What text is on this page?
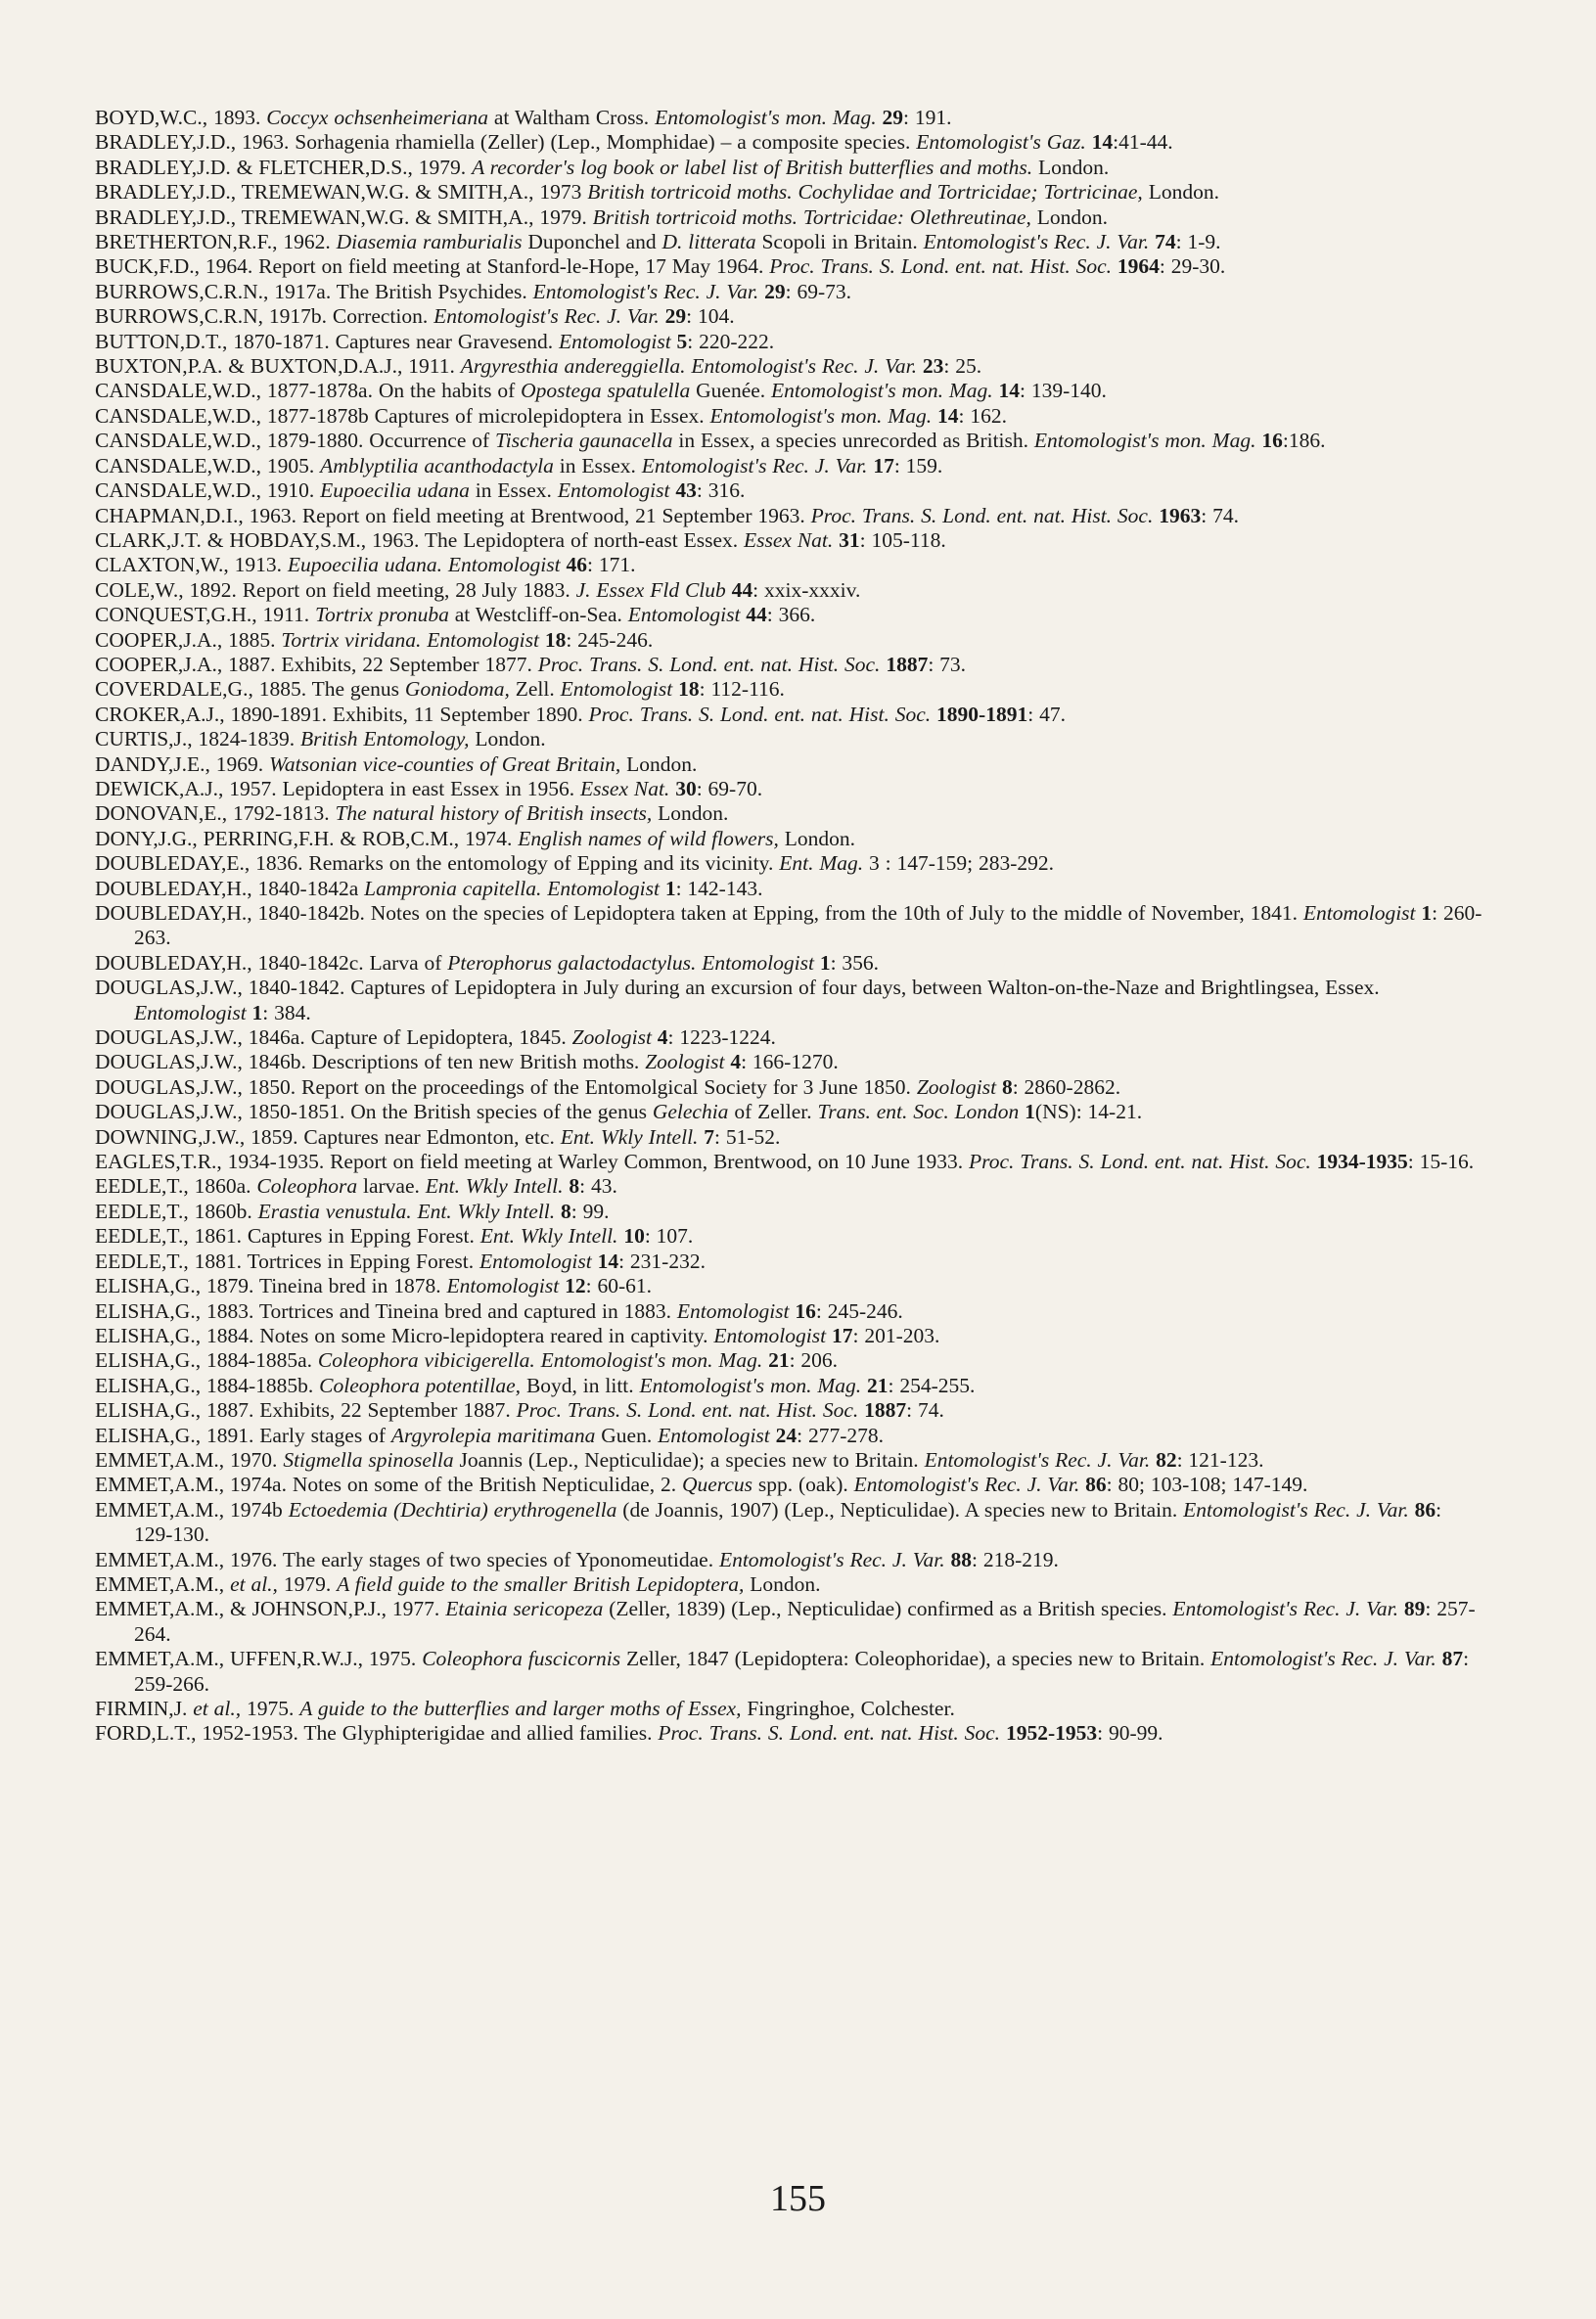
BOYD,W.C., 1893. Coccyx ochsenheimeriana at Waltham Cross. Entomologist's mon. Mag. 29: 191.

BRADLEY,J.D., 1963. Sorhagenia rhamiella (Zeller) (Lep., Momphidae) – a composite species. Entomologist's Gaz. 14:41-44.

BRADLEY,J.D. & FLETCHER,D.S., 1979. A recorder's log book or label list of British butterflies and moths. London.

BRADLEY,J.D., TREMEWAN,W.G. & SMITH,A., 1973 British tortricoid moths. Cochylidae and Tortricidae; Tortricinae, London.

BRADLEY,J.D., TREMEWAN,W.G. & SMITH,A., 1979. British tortricoid moths. Tortricidae: Olethreutinae, London.

BRETHERTON,R.F., 1962. Diasemia ramburialis Duponchel and D. litterata Scopoli in Britain. Entomologist's Rec. J. Var. 74: 1-9.

BUCK,F.D., 1964. Report on field meeting at Stanford-le-Hope, 17 May 1964. Proc. Trans. S. Lond. ent. nat. Hist. Soc. 1964: 29-30.

BURROWS,C.R.N., 1917a. The British Psychides. Entomologist's Rec. J. Var. 29: 69-73.

BURROWS,C.R.N, 1917b. Correction. Entomologist's Rec. J. Var. 29: 104.

BUTTON,D.T., 1870-1871. Captures near Gravesend. Entomologist 5: 220-222.

BUXTON,P.A. & BUXTON,D.A.J., 1911. Argyresthia andereggiella. Entomologist's Rec. J. Var. 23: 25.

CANSDALE,W.D., 1877-1878a. On the habits of Opostega spatulella Guenée. Entomologist's mon. Mag. 14: 139-140.

CANSDALE,W.D., 1877-1878b Captures of microlepidoptera in Essex. Entomologist's mon. Mag. 14: 162.

CANSDALE,W.D., 1879-1880. Occurrence of Tischeria gaunacella in Essex, a species unrecorded as British. Entomologist's mon. Mag. 16:186.

CANSDALE,W.D., 1905. Amblyptilia acanthodactyla in Essex. Entomologist's Rec. J. Var. 17: 159.

CANSDALE,W.D., 1910. Eupoecilia udana in Essex. Entomologist 43: 316.

CHAPMAN,D.I., 1963. Report on field meeting at Brentwood, 21 September 1963. Proc. Trans. S. Lond. ent. nat. Hist. Soc. 1963: 74.

CLARK,J.T. & HOBDAY,S.M., 1963. The Lepidoptera of north-east Essex. Essex Nat. 31: 105-118.

CLAXTON,W., 1913. Eupoecilia udana. Entomologist 46: 171.

COLE,W., 1892. Report on field meeting, 28 July 1883. J. Essex Fld Club 44: xxix-xxxiv.

CONQUEST,G.H., 1911. Tortrix pronuba at Westcliff-on-Sea. Entomologist 44: 366.

COOPER,J.A., 1885. Tortrix viridana. Entomologist 18: 245-246.

COOPER,J.A., 1887. Exhibits, 22 September 1877. Proc. Trans. S. Lond. ent. nat. Hist. Soc. 1887: 73.

COVERDALE,G., 1885. The genus Goniodoma, Zell. Entomologist 18: 112-116.

CROKER,A.J., 1890-1891. Exhibits, 11 September 1890. Proc. Trans. S. Lond. ent. nat. Hist. Soc. 1890-1891: 47.

CURTIS,J., 1824-1839. British Entomology, London.

DANDY,J.E., 1969. Watsonian vice-counties of Great Britain, London.

DEWICK,A.J., 1957. Lepidoptera in east Essex in 1956. Essex Nat. 30: 69-70.

DONOVAN,E., 1792-1813. The natural history of British insects, London.

DONY,J.G., PERRING,F.H. & ROB,C.M., 1974. English names of wild flowers, London.

DOUBLEDAY,E., 1836. Remarks on the entomology of Epping and its vicinity. Ent. Mag. 3 : 147-159; 283-292.

DOUBLEDAY,H., 1840-1842a Lampronia capitella. Entomologist 1: 142-143.

DOUBLEDAY,H., 1840-1842b. Notes on the species of Lepidoptera taken at Epping, from the 10th of July to the middle of November, 1841. Entomologist 1: 260-263.

DOUBLEDAY,H., 1840-1842c. Larva of Pterophorus galactodactylus. Entomologist 1: 356.

DOUGLAS,J.W., 1840-1842. Captures of Lepidoptera in July during an excursion of four days, between Walton-on-the-Naze and Brightlingsea, Essex. Entomologist 1: 384.

DOUGLAS,J.W., 1846a. Capture of Lepidoptera, 1845. Zoologist 4: 1223-1224.

DOUGLAS,J.W., 1846b. Descriptions of ten new British moths. Zoologist 4: 166-1270.

DOUGLAS,J.W., 1850. Report on the proceedings of the Entomolgical Society for 3 June 1850. Zoologist 8: 2860-2862.

DOUGLAS,J.W., 1850-1851. On the British species of the genus Gelechia of Zeller. Trans. ent. Soc. London 1(NS): 14-21.

DOWNING,J.W., 1859. Captures near Edmonton, etc. Ent. Wkly Intell. 7: 51-52.

EAGLES,T.R., 1934-1935. Report on field meeting at Warley Common, Brentwood, on 10 June 1933. Proc. Trans. S. Lond. ent. nat. Hist. Soc. 1934-1935: 15-16.

EEDLE,T., 1860a. Coleophora larvae. Ent. Wkly Intell. 8: 43.

EEDLE,T., 1860b. Erastia venustula. Ent. Wkly Intell. 8: 99.

EEDLE,T., 1861. Captures in Epping Forest. Ent. Wkly Intell. 10: 107.

EEDLE,T., 1881. Tortrices in Epping Forest. Entomologist 14: 231-232.

ELISHA,G., 1879. Tineina bred in 1878. Entomologist 12: 60-61.

ELISHA,G., 1883. Tortrices and Tineina bred and captured in 1883. Entomologist 16: 245-246.

ELISHA,G., 1884. Notes on some Micro-lepidoptera reared in captivity. Entomologist 17: 201-203.

ELISHA,G., 1884-1885a. Coleophora vibicigerella. Entomologist's mon. Mag. 21: 206.

ELISHA,G., 1884-1885b. Coleophora potentillae, Boyd, in litt. Entomologist's mon. Mag. 21: 254-255.

ELISHA,G., 1887. Exhibits, 22 September 1887. Proc. Trans. S. Lond. ent. nat. Hist. Soc. 1887: 74.

ELISHA,G., 1891. Early stages of Argyrolepia maritimana Guen. Entomologist 24: 277-278.

EMMET,A.M., 1970. Stigmella spinosella Joannis (Lep., Nepticulidae); a species new to Britain. Entomologist's Rec. J. Var. 82: 121-123.

EMMET,A.M., 1974a. Notes on some of the British Nepticulidae, 2. Quercus spp. (oak). Entomologist's Rec. J. Var. 86: 80; 103-108; 147-149.

EMMET,A.M., 1974b Ectoedemia (Dechtiria) erythrogenella (de Joannis, 1907) (Lep., Nepticulidae). A species new to Britain. Entomologist's Rec. J. Var. 86: 129-130.

EMMET,A.M., 1976. The early stages of two species of Yponomeutidae. Entomologist's Rec. J. Var. 88: 218-219.

EMMET,A.M., et al., 1979. A field guide to the smaller British Lepidoptera, London.

EMMET,A.M., & JOHNSON,P.J., 1977. Etainia sericopeza (Zeller, 1839) (Lep., Nepticulidae) confirmed as a British species. Entomologist's Rec. J. Var. 89: 257-264.

EMMET,A.M., UFFEN,R.W.J., 1975. Coleophora fuscicornis Zeller, 1847 (Lepidoptera: Coleophoridae), a species new to Britain. Entomologist's Rec. J. Var. 87: 259-266.

FIRMIN,J. et al., 1975. A guide to the butterflies and larger moths of Essex, Fingringhoe, Colchester.

FORD,L.T., 1952-1953. The Glyphipterigidae and allied families. Proc. Trans. S. Lond. ent. nat. Hist. Soc. 1952-1953: 90-99.

155
